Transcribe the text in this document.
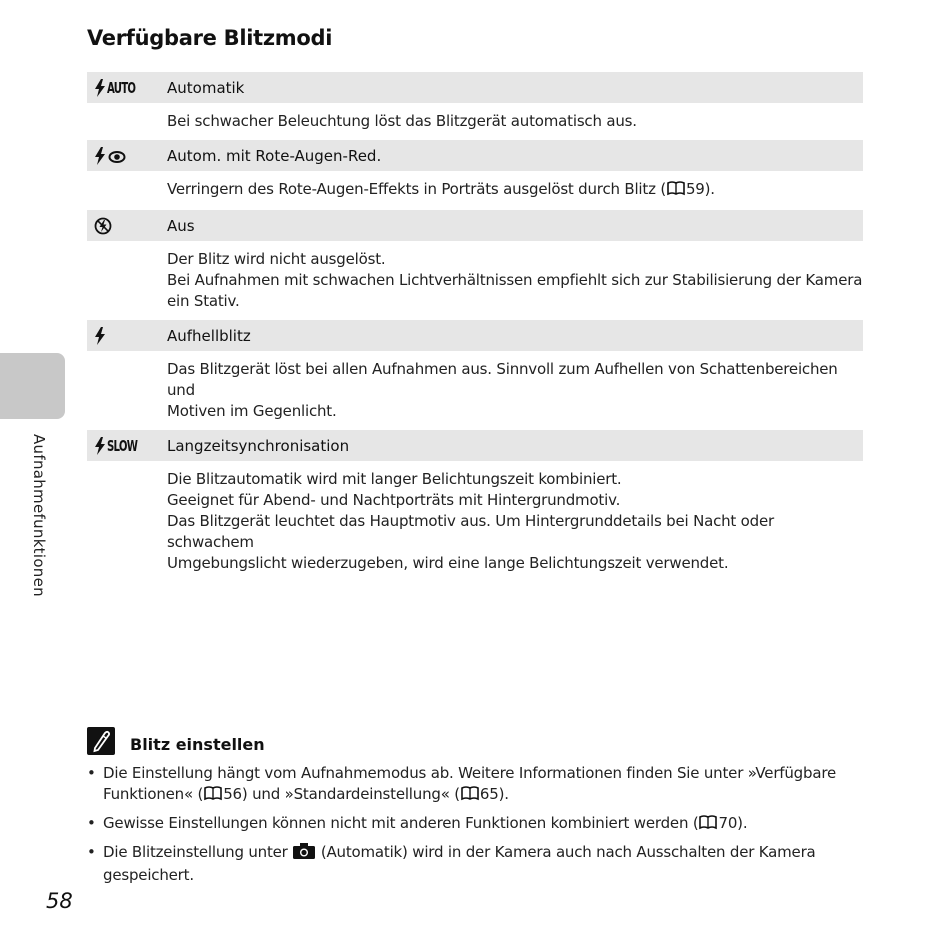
Verfügbare Blitzmodi
AUTO Automatik
Bei schwacher Beleuchtung löst das Blitzgerät automatisch aus.
Autom. mit Rote-Augen-Red.
Verringern des Rote-Augen-Effekts in Porträts ausgelöst durch Blitz ( 59).
Aus
Der Blitz wird nicht ausgelöst.
Bei Aufnahmen mit schwachen Lichtverhältnissen empfiehlt sich zur Stabilisierung der Kamera
ein Stativ.
Aufhellblitz
Das Blitzgerät löst bei allen Aufnahmen aus. Sinnvoll zum Aufhellen von Schattenbereichen und
Motiven im Gegenlicht.
SLOW Langzeitsynchronisation
Die Blitzautomatik wird mit langer Belichtungszeit kombiniert.
Geeignet für Abend- und Nachtporträts mit Hintergrundmotiv.
Das Blitzgerät leuchtet das Hauptmotiv aus. Um Hintergrunddetails bei Nacht oder schwachem
Umgebungslicht wiederzugeben, wird eine lange Belichtungszeit verwendet.
Aufnahmefunktionen
Blitz einstellen
• Die Einstellung hängt vom Aufnahmemodus ab. Weitere Informationen finden Sie unter »Verfügbare
Funktionen« ( 56) und »Standardeinstellung« ( 65).
• Gewisse Einstellungen können nicht mit anderen Funktionen kombiniert werden ( 70).
• Die Blitzeinstellung unter (Automatik) wird in der Kamera auch nach Ausschalten der Kamera
gespeichert.
58
